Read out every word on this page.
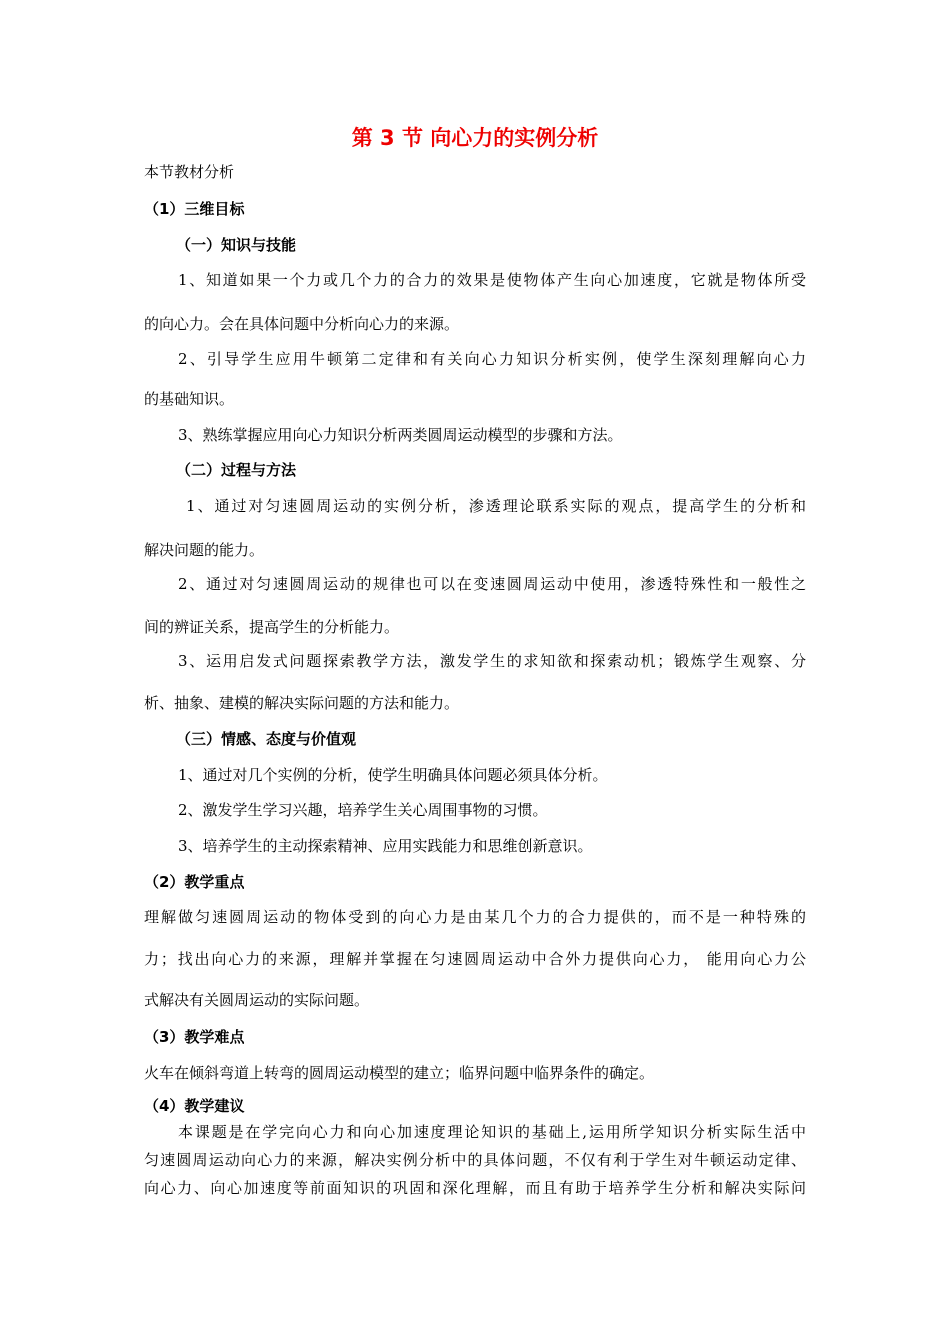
第 3 节 向心力的实例分析
本节教材分析
（1）三维目标
（一）知识与技能
1、知道如果一个力或几个力的合力的效果是使物体产生向心加速度，它就是物体所受
的向心力。会在具体问题中分析向心力的来源。
2、引导学生应用牛顿第二定律和有关向心力知识分析实例，使学生深刻理解向心力
的基础知识。
3、熟练掌握应用向心力知识分析两类圆周运动模型的步骤和方法。
（二）过程与方法
1、通过对匀速圆周运动的实例分析，渗透理论联系实际的观点，提高学生的分析和
解决问题的能力。
2、通过对匀速圆周运动的规律也可以在变速圆周运动中使用，渗透特殊性和一般性之
间的辨证关系，提高学生的分析能力。
3、运用启发式问题探索教学方法，激发学生的求知欲和探索动机；锻炼学生观察、分
析、抽象、建模的解决实际问题的方法和能力。
（三）情感、态度与价值观
1、通过对几个实例的分析，使学生明确具体问题必须具体分析。
2、激发学生学习兴趣，培养学生关心周围事物的习惯。
3、培养学生的主动探索精神、应用实践能力和思维创新意识。
（2）教学重点
理解做匀速圆周运动的物体受到的向心力是由某几个力的合力提供的，而不是一种特殊的
力；找出向心力的来源，理解并掌握在匀速圆周运动中合外力提供向心力， 能用向心力公
式解决有关圆周运动的实际问题。
（3）教学难点
火车在倾斜弯道上转弯的圆周运动模型的建立；临界问题中临界条件的确定。
（4）教学建议
本课题是在学完向心力和向心加速度理论知识的基础上,运用所学知识分析实际生活中
匀速圆周运动向心力的来源，解决实例分析中的具体问题，不仅有利于学生对牛顿运动定律、
向心力、向心加速度等前面知识的巩固和深化理解，而且有助于培养学生分析和解决实际问
